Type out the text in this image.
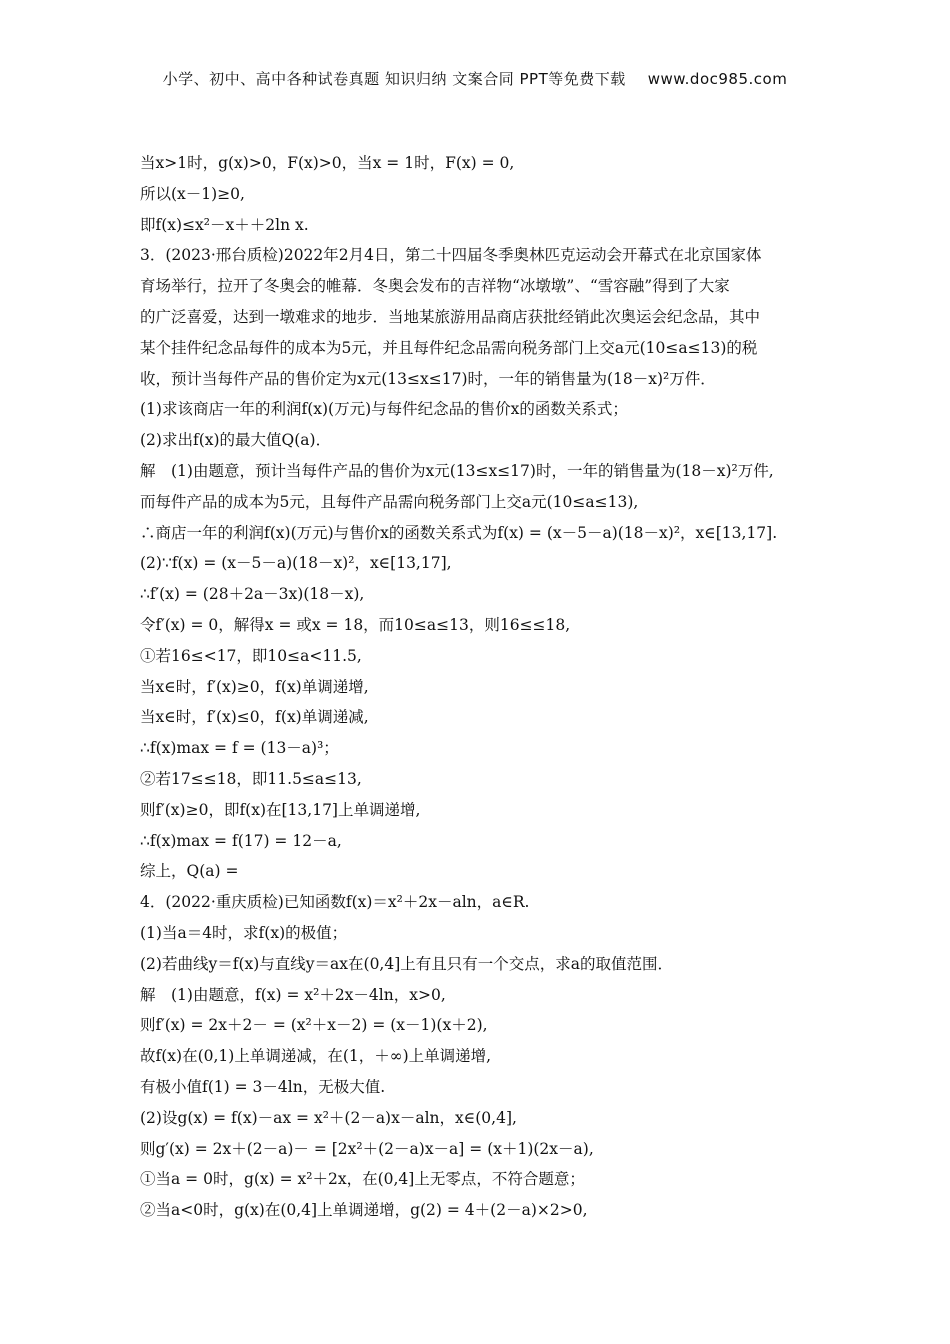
小学、初中、高中各种试卷真题 知识归纳 文案合同 PPT等免费下载 www.doc985.com
当x>1时，g(x)>0，F(x)>0，当x = 1时，F(x) = 0,
所以(x－1)≥0,
即f(x)≤x²－x＋＋2ln x.
3．(2023·邢台质检)2022年2月4日，第二十四届冬季奥林匹克运动会开幕式在北京国家体
育场举行，拉开了冬奥会的帷幕．冬奥会发布的吉祥物“冰墩墩”、“雪容融”得到了大家
的广泛喜爱，达到一墩难求的地步．当地某旅游用品商店获批经销此次奥运会纪念品，其中
某个挂件纪念品每件的成本为5元，并且每件纪念品需向税务部门上交a元(10≤a≤13)的税
收，预计当每件产品的售价定为x元(13≤x≤17)时，一年的销售量为(18－x)²万件．
(1)求该商店一年的利润f(x)(万元)与每件纪念品的售价x的函数关系式；
(2)求出f(x)的最大值Q(a)．
解　(1)由题意，预计当每件产品的售价为x元(13≤x≤17)时，一年的销售量为(18－x)²万件,
而每件产品的成本为5元，且每件产品需向税务部门上交a元(10≤a≤13),
∴商店一年的利润f(x)(万元)与售价x的函数关系式为f(x) = (x－5－a)(18－x)²，x∈[13,17].
(2)∵f(x) = (x－5－a)(18－x)²，x∈[13,17],
∴f′(x) = (28＋2a－3x)(18－x),
令f′(x) = 0，解得x = 或x = 18，而10≤a≤13，则16≤≤18,
①若16≤<17，即10≤a<11.5,
当x∈时，f′(x)≥0，f(x)单调递增,
当x∈时，f′(x)≤0，f(x)单调递减,
∴f(x)max = f = (13－a)³；
②若17≤≤18，即11.5≤a≤13,
则f′(x)≥0，即f(x)在[13,17]上单调递增,
∴f(x)max = f(17) = 12－a,
综上，Q(a) =
4．(2022·重庆质检)已知函数f(x)＝x²＋2x－aln，a∈R.
(1)当a＝4时，求f(x)的极值；
(2)若曲线y＝f(x)与直线y＝ax在(0,4]上有且只有一个交点，求a的取值范围．
解　(1)由题意，f(x) = x²＋2x－4ln，x>0,
则f′(x) = 2x＋2－ = (x²＋x－2) = (x－1)(x＋2),
故f(x)在(0,1)上单调递减，在(1，＋∞)上单调递增,
有极小值f(1) = 3－4ln，无极大值.
(2)设g(x) = f(x)－ax = x²＋(2－a)x－aln，x∈(0,4],
则g′(x) = 2x＋(2－a)－ = [2x²＋(2－a)x－a] = (x＋1)(2x－a),
①当a = 0时，g(x) = x²＋2x，在(0,4]上无零点，不符合题意；
②当a<0时，g(x)在(0,4]上单调递增，g(2) = 4＋(2－a)×2>0,
